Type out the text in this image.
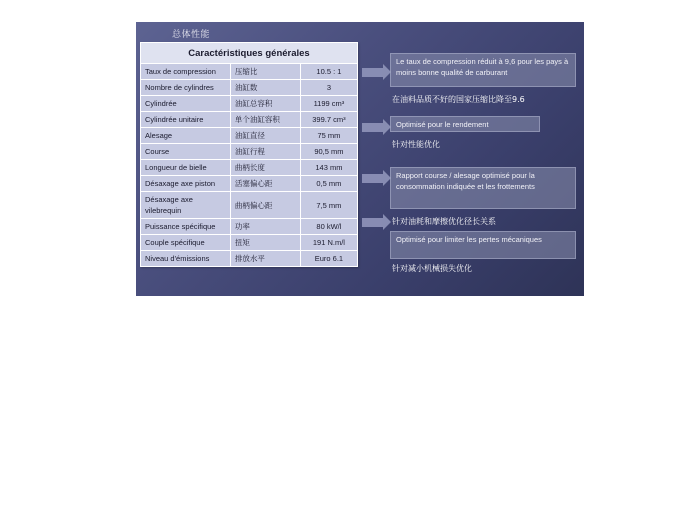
总体性能
Caractéristiques générales		
Taux de compression	压缩比	10.5 : 1
Nombre de cylindres	油缸数	3
Cylindrée	油缸总容积	1199 cm³
Cylindrée unitaire	单个油缸容积	399.7 cm³
Alesage	油缸直径	75 mm
Course	油缸行程	90,5 mm
Longueur de bielle	曲柄长度	143 mm
Désaxage axe piston	活塞偏心距	0,5 mm
Désaxage axe vilebrequin	曲柄偏心距	7,5 mm
Puissance spécifique	功率	80 kW/l
Couple spécifique	扭矩	191 N.m/l
Niveau d'émissions	排放水平	Euro 6.1
Le taux de compression réduit à 9,6 pour les pays à moins bonne qualité de carburant
在油料品质不好的国家压缩比降至9.6
Optimisé pour le rendement
针对性能优化
Rapport course / alesage optimisé pour la consommation indiquée et les frottements
针对油耗和摩擦优化径长关系
Optimisé pour limiter les pertes mécaniques
针对减小机械损失优化
